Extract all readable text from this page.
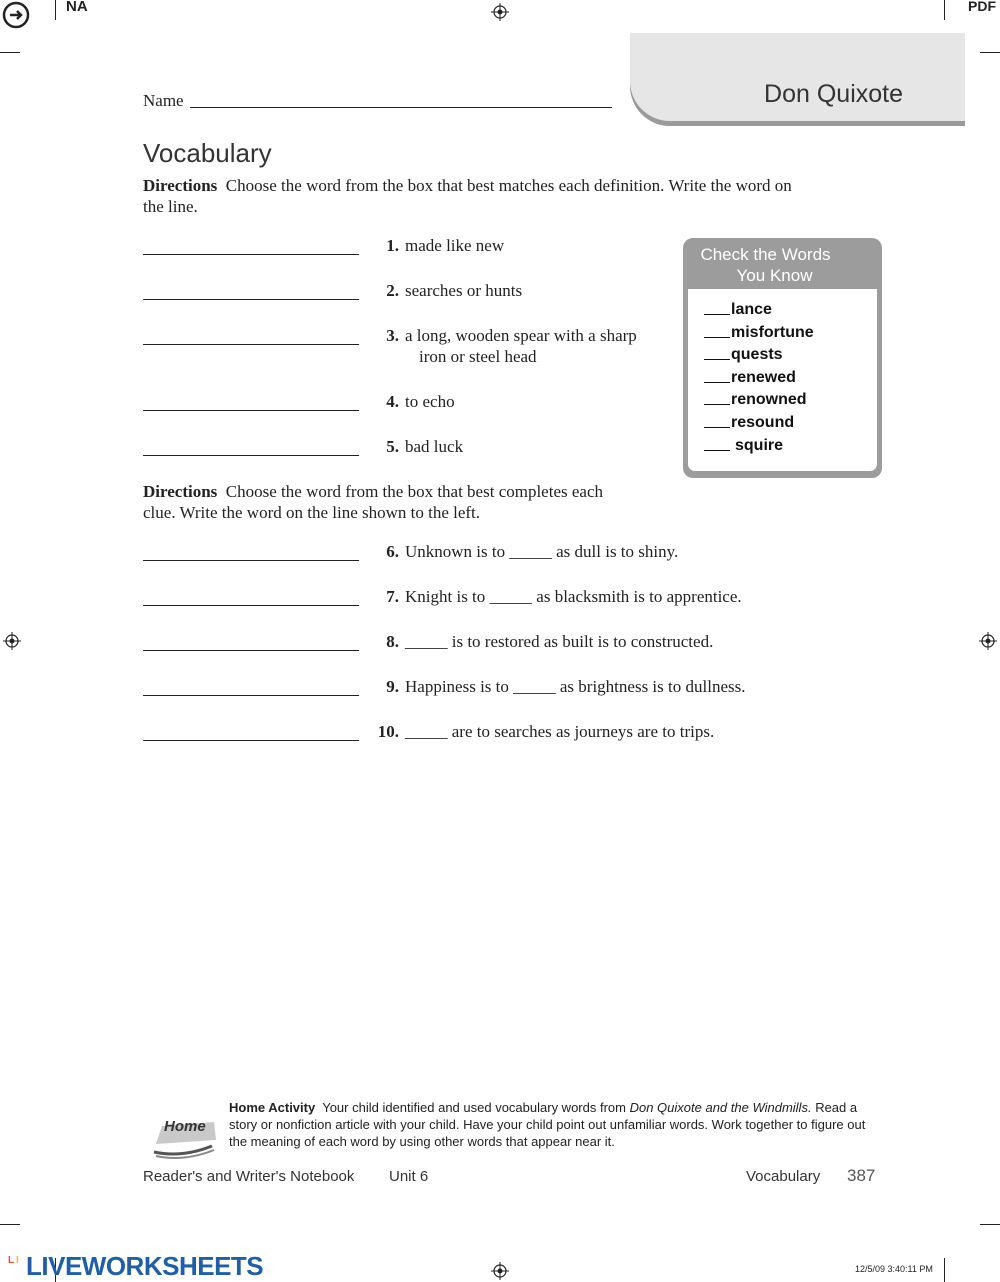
NA	PDF
Don Quixote
Name
Vocabulary
Directions Choose the word from the box that best matches each definition. Write the word on
the line.
1. made like new
2. searches or hunts
3. a long, wooden spear with a sharp
iron or steel head
4. to echo
5. bad luck
Check the Words
You Know
lance
misfortune
quests
renewed
renowned
resound
squire
Directions Choose the word from the box that best completes each
clue. Write the word on the line shown to the left.
6. Unknown is to _____ as dull is to shiny.
7. Knight is to _____ as blacksmith is to apprentice.
8. _____ is to restored as built is to constructed.
9. Happiness is to _____ as brightness is to dullness.
10. _____ are to searches as journeys are to trips.
Home
Home Activity Your child identified and used vocabulary words from Don Quixote and the Windmills. Read a story or nonfiction article with your child. Have your child point out unfamiliar words. Work together to figure out the meaning of each word by using other words that appear near it.
Reader's and Writer's Notebook Unit 6	Vocabulary 387
L I LIVEWORKSHEETS	12/5/09 3:40:11 PM
